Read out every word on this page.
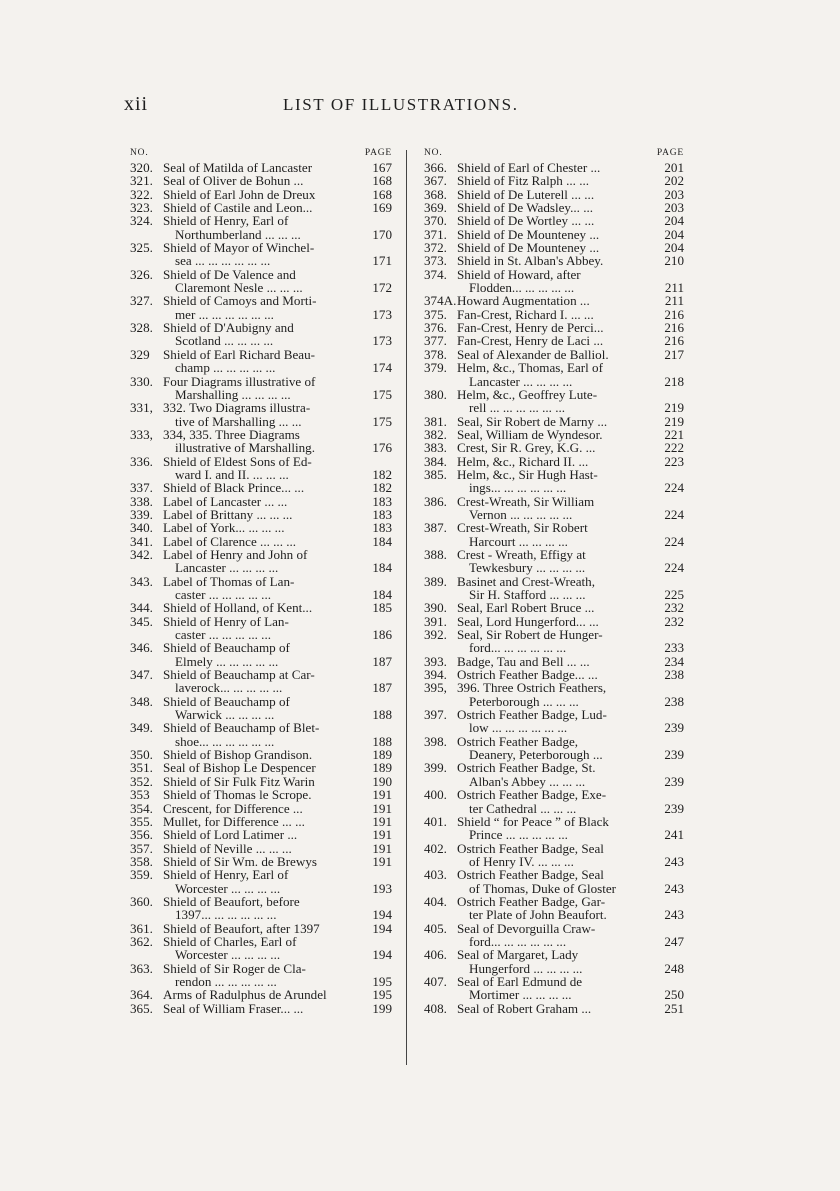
xii	LIST OF ILLUSTRATIONS.
NO.	PAGE
320. Seal of Matilda of Lancaster	167
321. Seal of Oliver de Bohun ...	168
322. Shield of Earl John de Dreux	168
323. Shield of Castile and Leon...	169
324. Shield of Henry, Earl of
Northumberland ... ... ...	170
325. Shield of Mayor of Winchel-
sea ... ... ... ... ... ...	171
326. Shield of De Valence and
Claremont Nesle ... ... ...	172
327. Shield of Camoys and Morti-
mer ... ... ... ... ... ...	173
328. Shield of D'Aubigny and
Scotland ... ... ... ...	173
329	Shield of Earl Richard Beau-
champ ... ... ... ... ...	174
330. Four Diagrams illustrative of
Marshalling ... ... ... ...	175
331, 332. Two Diagrams illustra-
tive of Marshalling ... ...	175
333, 334, 335. Three Diagrams
illustrative of Marshalling.	176
336. Shield of Eldest Sons of Ed-
ward I. and II. ... ... ...	182
337. Shield of Black Prince... ...	182
338. Label of Lancaster ... ...	183
339. Label of Brittany ... ... ...	183
340. Label of York... ... ... ...	183
341. Label of Clarence ... ... ...	184
342. Label of Henry and John of
Lancaster ... ... ... ...	184
343. Label of Thomas of Lan-
caster ... ... ... ... ...	184
344. Shield of Holland, of Kent...	185
345. Shield of Henry of Lan-
caster ... ... ... ... ...	186
346. Shield of Beauchamp of
Elmely ... ... ... ... ...	187
347. Shield of Beauchamp at Car-
laverock... ... ... ... ...	187
348. Shield of Beauchamp of
Warwick ... ... ... ...	188
349. Shield of Beauchamp of Blet-
shoe... ... ... ... ... ...	188
350. Shield of Bishop Grandison.	189
351. Seal of Bishop Le Despencer	189
352. Shield of Sir Fulk Fitz Warin	190
353	Shield of Thomas le Scrope.	191
354. Crescent, for Difference ...	191
355. Mullet, for Difference ... ...	191
356. Shield of Lord Latimer ...	191
357. Shield of Neville ... ... ...	191
358. Shield of Sir Wm. de Brewys	191
359. Shield of Henry, Earl of
Worcester ... ... ... ...	193
360. Shield of Beaufort, before
1397... ... ... ... ... ...	194
361. Shield of Beaufort, after 1397	194
362. Shield of Charles, Earl of
Worcester ... ... ... ...	194
363. Shield of Sir Roger de Cla-
rendon ... ... ... ... ...	195
364. Arms of Radulphus de Arundel	195
365. Seal of William Fraser... ...	199
NO.	PAGE
366. Shield of Earl of Chester ...	201
367. Shield of Fitz Ralph ... ...	202
368. Shield of De Luterell ... ...	203
369. Shield of De Wadsley... ...	203
370. Shield of De Wortley ... ...	204
371. Shield of De Mounteney ...	204
372. Shield of De Mounteney ...	204
373. Shield in St. Alban's Abbey.	210
374. Shield of Howard, after
Flodden... ... ... ... ...	211
374A. Howard Augmentation ...	211
375. Fan-Crest, Richard I. ... ...	216
376. Fan-Crest, Henry de Perci...	216
377. Fan-Crest, Henry de Laci ...	216
378. Seal of Alexander de Balliol.	217
379. Helm, &c., Thomas, Earl of
Lancaster ... ... ... ...	218
380. Helm, &c., Geoffrey Lute-
rell ... ... ... ... ... ...	219
381. Seal, Sir Robert de Marny ...	219
382. Seal, William de Wyndesor.	221
383. Crest, Sir R. Grey, K.G. ...	222
384. Helm, &c., Richard II. ...	223
385. Helm, &c., Sir Hugh Hast-
ings... ... ... ... ... ...	224
386. Crest-Wreath, Sir William
Vernon ... ... ... ... ...	224
387. Crest-Wreath, Sir Robert
Harcourt ... ... ... ...	224
388. Crest - Wreath, Effigy at
Tewkesbury ... ... ... ...	224
389. Basinet and Crest-Wreath,
Sir H. Stafford ... ... ...	225
390. Seal, Earl Robert Bruce ...	232
391. Seal, Lord Hungerford... ...	232
392. Seal, Sir Robert de Hunger-
ford... ... ... ... ... ...	233
393. Badge, Tau and Bell ... ...	234
394. Ostrich Feather Badge... ...	238
395, 396. Three Ostrich Feathers,
Peterborough ... ... ...	238
397. Ostrich Feather Badge, Lud-
low ... ... ... ... ... ...	239
398. Ostrich Feather Badge,
Deanery, Peterborough ...	239
399. Ostrich Feather Badge, St.
Alban's Abbey ... ... ...	239
400. Ostrich Feather Badge, Exe-
ter Cathedral ... ... ...	239
401. Shield “ for Peace ” of Black
Prince ... ... ... ... ...	241
402. Ostrich Feather Badge, Seal
of Henry IV. ... ... ...	243
403. Ostrich Feather Badge, Seal
of Thomas, Duke of Gloster	243
404. Ostrich Feather Badge, Gar-
ter Plate of John Beaufort.	243
405. Seal of Devorguilla Craw-
ford... ... ... ... ... ...	247
406. Seal of Margaret, Lady
Hungerford ... ... ... ...	248
407. Seal of Earl Edmund de
Mortimer ... ... ... ...	250
408. Seal of Robert Graham ...	251
